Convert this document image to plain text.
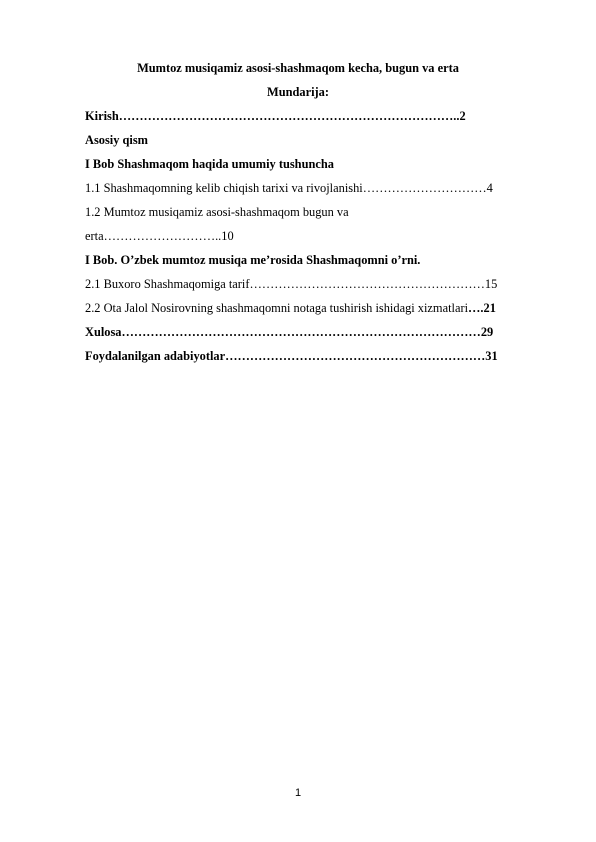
Mumtoz musiqamiz asosi-shashmaqom kecha, bugun va erta
Mundarija:
Kirish………………………………………………………………………..2
Asosiy qism
I Bob Shashmaqom haqida umumiy tushuncha
1.1 Shashmaqomning kelib chiqish tarixi va rivojlanishi…………………………4
1.2 Mumtoz musiqamiz asosi-shashmaqom bugun va
erta………………………..10
I Bob. O’zbek mumtoz musiqa me’rosida Shashmaqomni o’rni.
2.1 Buxoro Shashmaqomiga tarif…………………………………………………15
2.2 Ota Jalol Nosirovning shashmaqomni notaga tushirish ishidagi xizmatlari….21
Xulosa……………………………………………………………………………29
Foydalanilgan adabiyotlar………………………………………………………31
1
